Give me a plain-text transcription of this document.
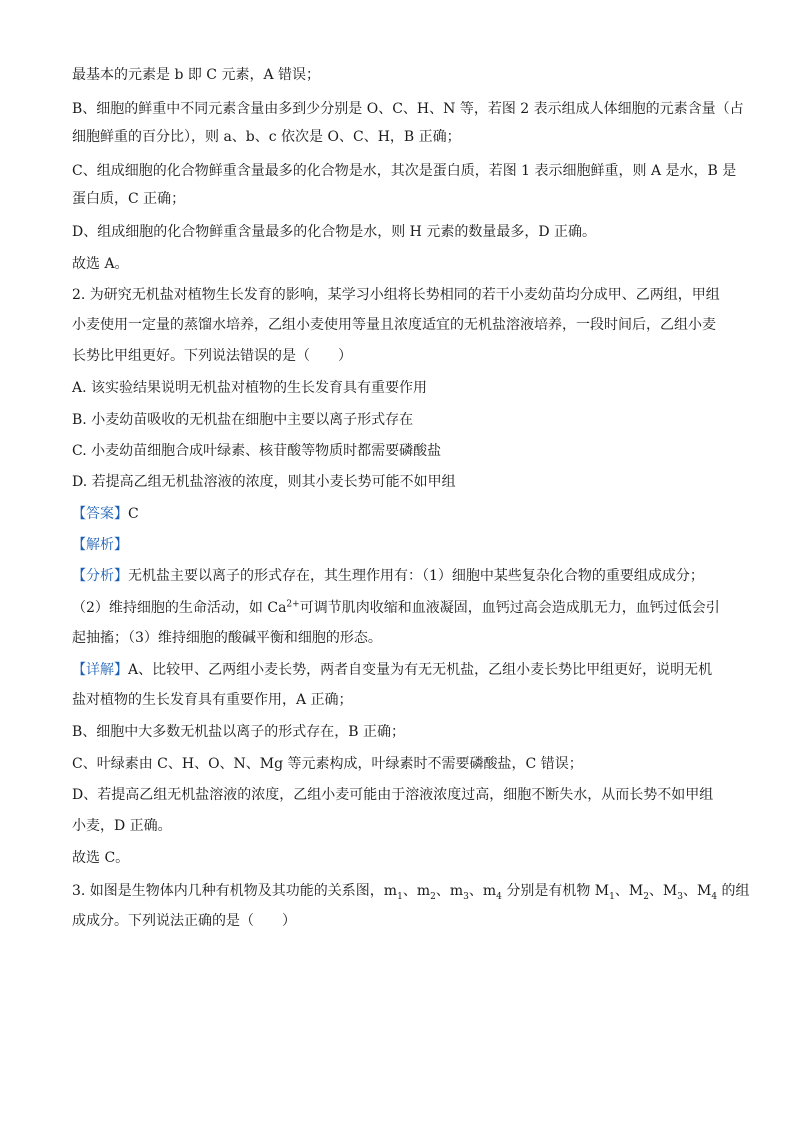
最基本的元素是 b 即 C 元素，A 错误；
B、细胞的鲜重中不同元素含量由多到少分别是 O、C、H、N 等，若图 2 表示组成人体细胞的元素含量（占
细胞鲜重的百分比），则 a、b、c 依次是 O、C、H，B 正确；
C、组成细胞的化合物鲜重含量最多的化合物是水，其次是蛋白质，若图 1 表示细胞鲜重，则 A 是水，B 是
蛋白质，C 正确；
D、组成细胞的化合物鲜重含量最多的化合物是水，则 H 元素的数量最多，D 正确。
故选 A。
2. 为研究无机盐对植物生长发育的影响，某学习小组将长势相同的若干小麦幼苗均分成甲、乙两组，甲组
小麦使用一定量的蒸馏水培养，乙组小麦使用等量且浓度适宜的无机盐溶液培养，一段时间后，乙组小麦
长势比甲组更好。下列说法错误的是（　　）
A. 该实验结果说明无机盐对植物的生长发育具有重要作用
B. 小麦幼苗吸收的无机盐在细胞中主要以离子形式存在
C. 小麦幼苗细胞合成叶绿素、核苷酸等物质时都需要磷酸盐
D. 若提高乙组无机盐溶液的浓度，则其小麦长势可能不如甲组
【答案】C
【解析】
【分析】无机盐主要以离子的形式存在，其生理作用有：（1）细胞中某些复杂化合物的重要组成成分；
（2）维持细胞的生命活动，如 $Ca^{2+}$可调节肌肉收缩和血液凝固，血钙过高会造成肌无力，血钙过低会引
起抽搐；（3）维持细胞的酸碱平衡和细胞的形态。
【详解】A、比较甲、乙两组小麦长势，两者自变量为有无无机盐，乙组小麦长势比甲组更好，说明无机
盐对植物的生长发育具有重要作用，A 正确；
B、细胞中大多数无机盐以离子的形式存在，B 正确；
C、叶绿素由 C、H、O、N、Mg 等元素构成，叶绿素时不需要磷酸盐，C 错误；
D、若提高乙组无机盐溶液的浓度，乙组小麦可能由于溶液浓度过高，细胞不断失水，从而长势不如甲组
小麦，D 正确。
故选 C。
3. 如图是生物体内几种有机物及其功能的关系图，$m_1$、$m_2$、$m_3$、$m_4$ 分别是有机物 $M_1$、$M_2$、$M_3$、$M_4$ 的组
成成分。下列说法正确的是（　　）
